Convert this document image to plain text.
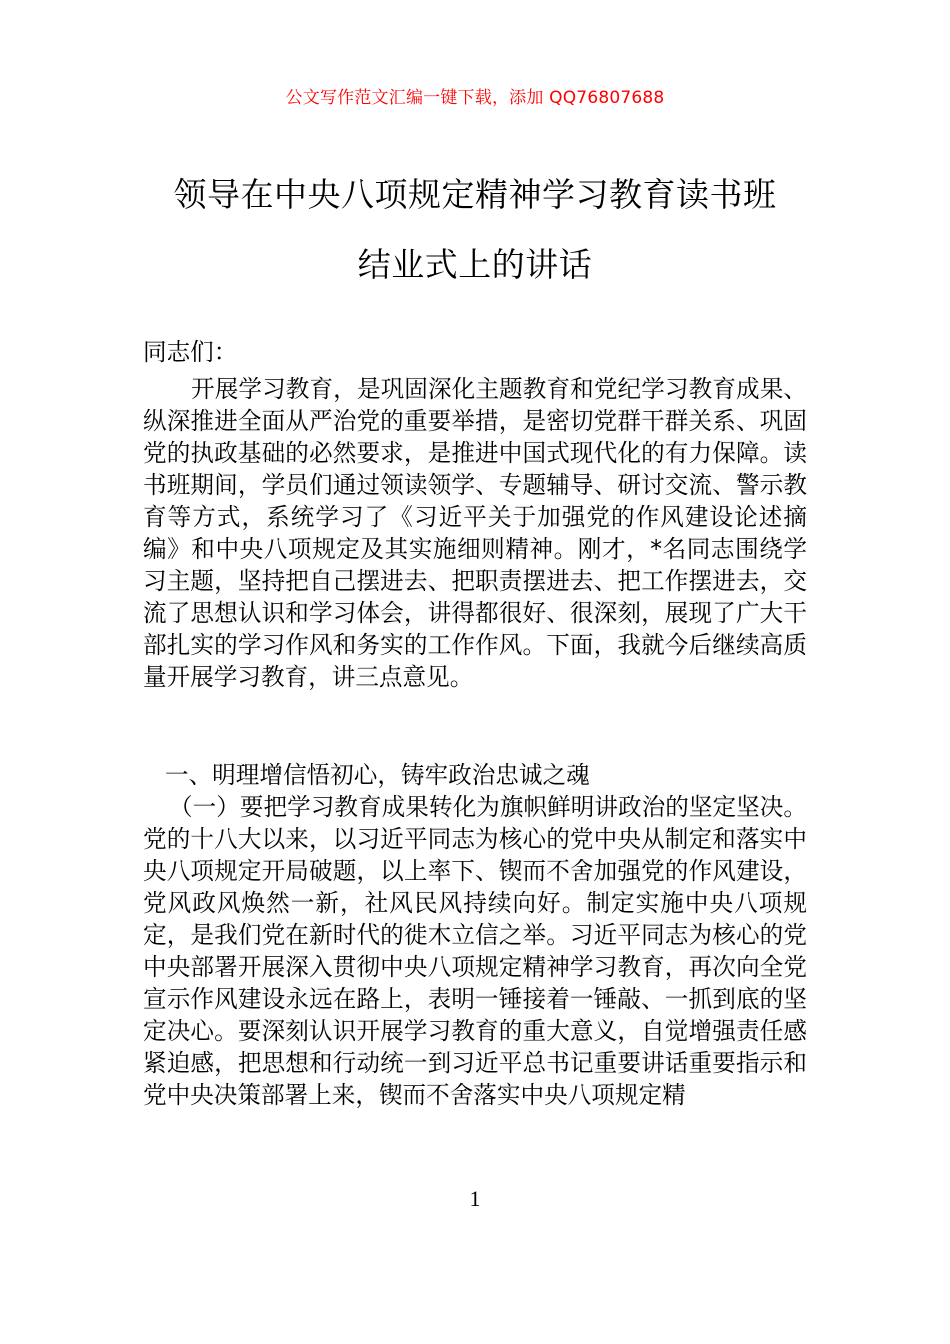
公文写作范文汇编一键下载，添加 QQ76807688
领导在中央八项规定精神学习教育读书班
结业式上的讲话
同志们：
开展学习教育，是巩固深化主题教育和党纪学习教育成果、纵深推进全面从严治党的重要举措，是密切党群干群关系、巩固党的执政基础的必然要求，是推进中国式现代化的有力保障。读书班期间，学员们通过领读领学、专题辅导、研讨交流、警示教育等方式，系统学习了《习近平关于加强党的作风建设论述摘编》和中央八项规定及其实施细则精神。刚才，*名同志围绕学习主题，坚持把自己摆进去、把职责摆进去、把工作摆进去，交流了思想认识和学习体会，讲得都很好、很深刻，展现了广大干部扎实的学习作风和务实的工作作风。下面，我就今后继续高质量开展学习教育，讲三点意见。
一、明理增信悟初心，铸牢政治忠诚之魂
（一）要把学习教育成果转化为旗帜鲜明讲政治的坚定坚决。党的十八大以来，以习近平同志为核心的党中央从制定和落实中央八项规定开局破题，以上率下、锲而不舍加强党的作风建设，党风政风焕然一新，社风民风持续向好。制定实施中央八项规定，是我们党在新时代的徙木立信之举。习近平同志为核心的党中央部署开展深入贯彻中央八项规定精神学习教育，再次向全党宣示作风建设永远在路上，表明一锤接着一锤敲、一抓到底的坚定决心。要深刻认识开展学习教育的重大意义，自觉增强责任感紧迫感，把思想和行动统一到习近平总书记重要讲话重要指示和党中央决策部署上来，锲而不舍落实中央八项规定精
1
